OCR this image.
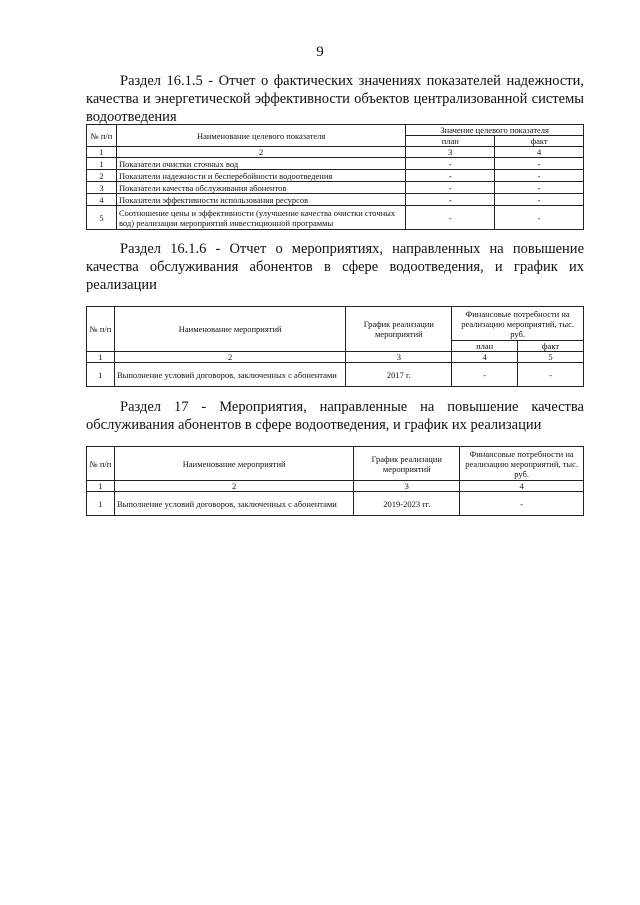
9
Раздел 16.1.5 - Отчет о фактических значениях показателей надежности, качества и энергетической эффективности объектов централизованной системы водоотведения
№ п/п	Наименование целевого показателя	Значение целевого показателя	
		план	факт
1	2	3	4
1	Показатели очистки сточных вод	-	-
2	Показатели надежности и бесперебойности водоотведения	-	-
3	Показатели качества обслуживания абонентов	-	-
4	Показатели эффективности использования ресурсов	-	-
5	Соотношение цены и эффективности (улучшение качества очистки сточных вод) реализации мероприятий инвестиционной программы	-	-
Раздел 16.1.6 - Отчет о мероприятиях, направленных на повышение качества обслуживания абонентов в сфере водоотведения, и график их реализации
№ п/п	Наименование мероприятий	График реализации мероприятий	Финансовые потребности на реализацию мероприятий, тыс. руб.	
			план	факт
1	2	3	4	5
1	Выполнение условий договоров, заключенных с абонентами	2017 г.	-	-
Раздел 17 - Мероприятия, направленные на повышение качества обслуживания абонентов в сфере водоотведения, и график их реализации
№ п/п	Наименование мероприятий	График реализации мероприятий	Финансовые потребности на реализацию мероприятий, тыс. руб.
1	2	3	4
1	Выполнение условий договоров, заключенных с абонентами	2019-2023 гг.	-
